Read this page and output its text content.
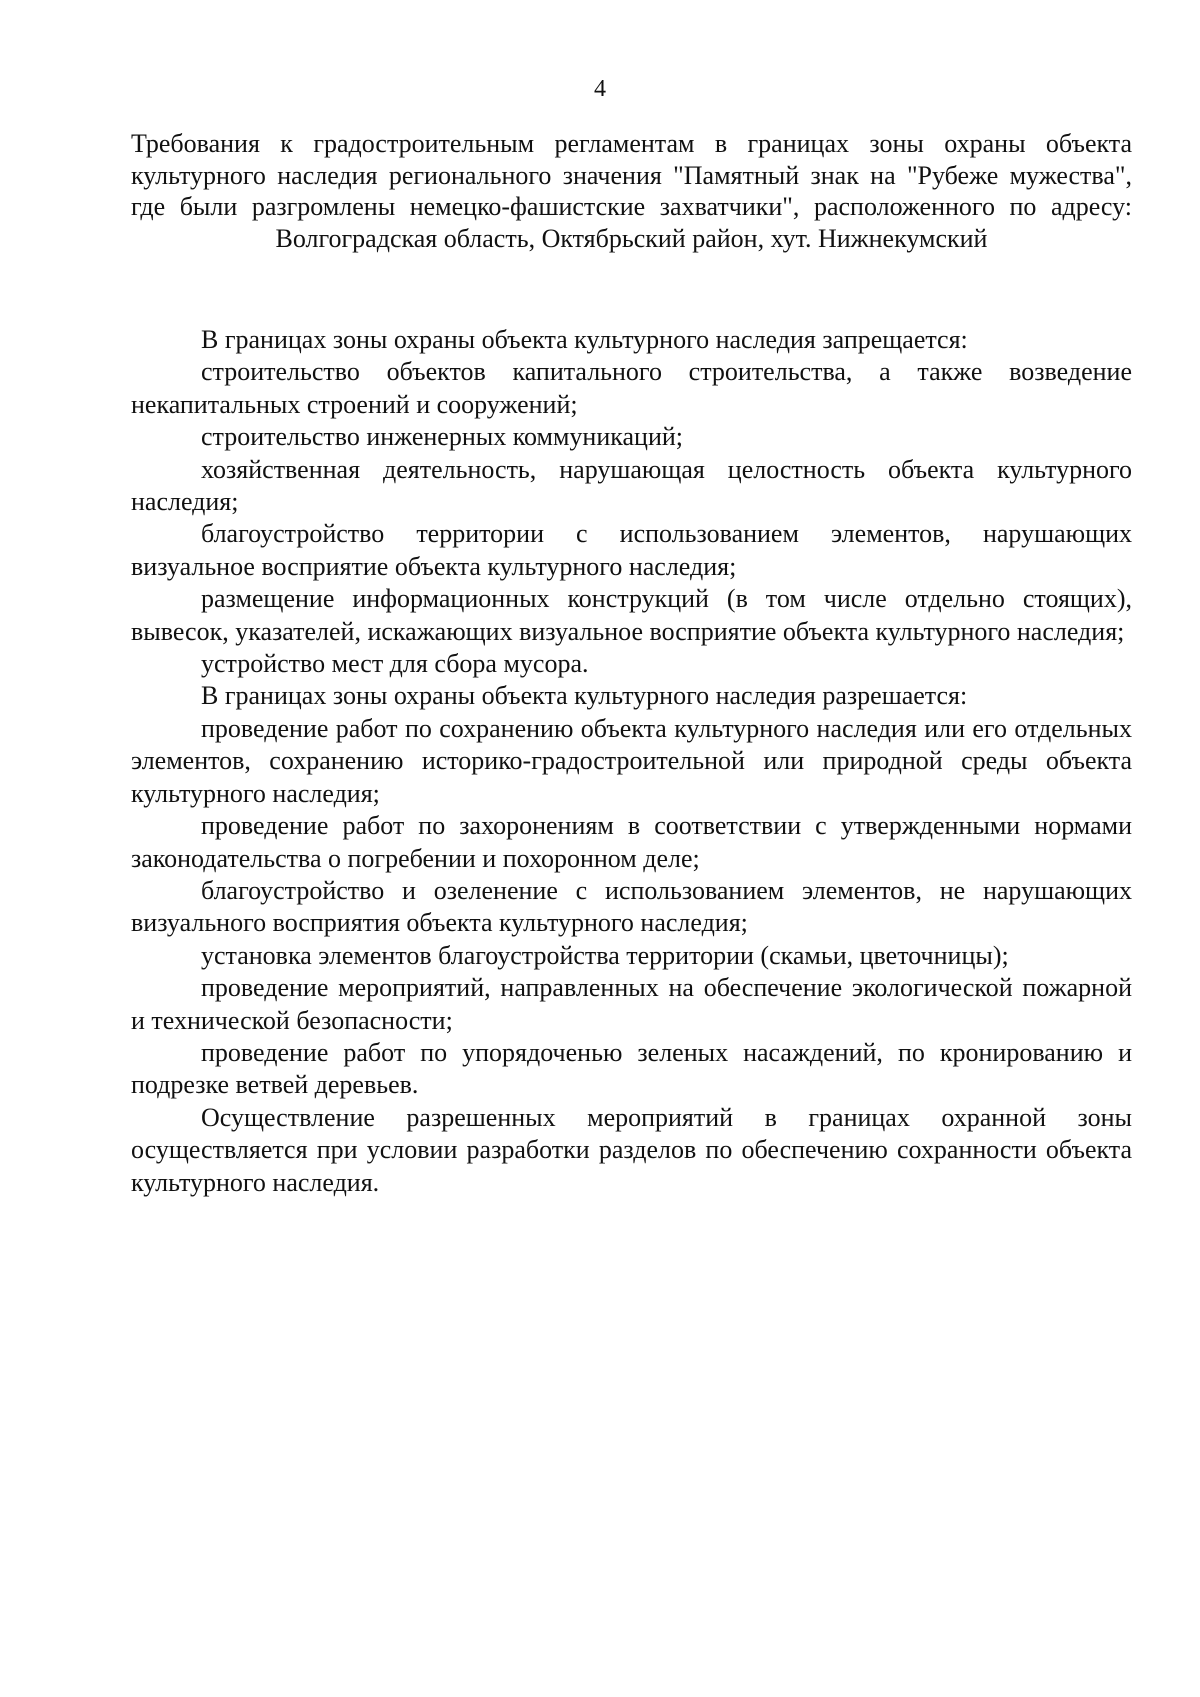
4
Требования к градостроительным регламентам в границах зоны охраны объекта культурного наследия регионального значения "Памятный знак на "Рубеже мужества", где были разгромлены немецко-фашистские захватчики", расположенного по адресу: Волгоградская область, Октябрьский район, хут. Нижнекумский

В границах зоны охраны объекта культурного наследия запрещается:

строительство объектов капитального строительства, а также возведение некапитальных строений и сооружений;

строительство инженерных коммуникаций;

хозяйственная деятельность, нарушающая целостность объекта культурного наследия;

благоустройство территории с использованием элементов, нарушающих визуальное восприятие объекта культурного наследия;

размещение информационных конструкций (в том числе отдельно стоящих), вывесок, указателей, искажающих визуальное восприятие объекта культурного наследия;

устройство мест для сбора мусора.

В границах зоны охраны объекта культурного наследия разрешается:

проведение работ по сохранению объекта культурного наследия или его отдельных элементов, сохранению историко-градостроительной или природной среды объекта культурного наследия;

проведение работ по захоронениям в соответствии с утвержденными нормами законодательства о погребении и похоронном деле;

благоустройство и озеленение с использованием элементов, не нарушающих визуального восприятия объекта культурного наследия;

установка элементов благоустройства территории (скамьи, цветочницы);

проведение мероприятий, направленных на обеспечение экологической пожарной и технической безопасности;

проведение работ по упорядоченью зеленых насаждений, по кронированию и подрезке ветвей деревьев.

Осуществление разрешенных мероприятий в границах охранной зоны осуществляется при условии разработки разделов по обеспечению сохранности объекта культурного наследия.
